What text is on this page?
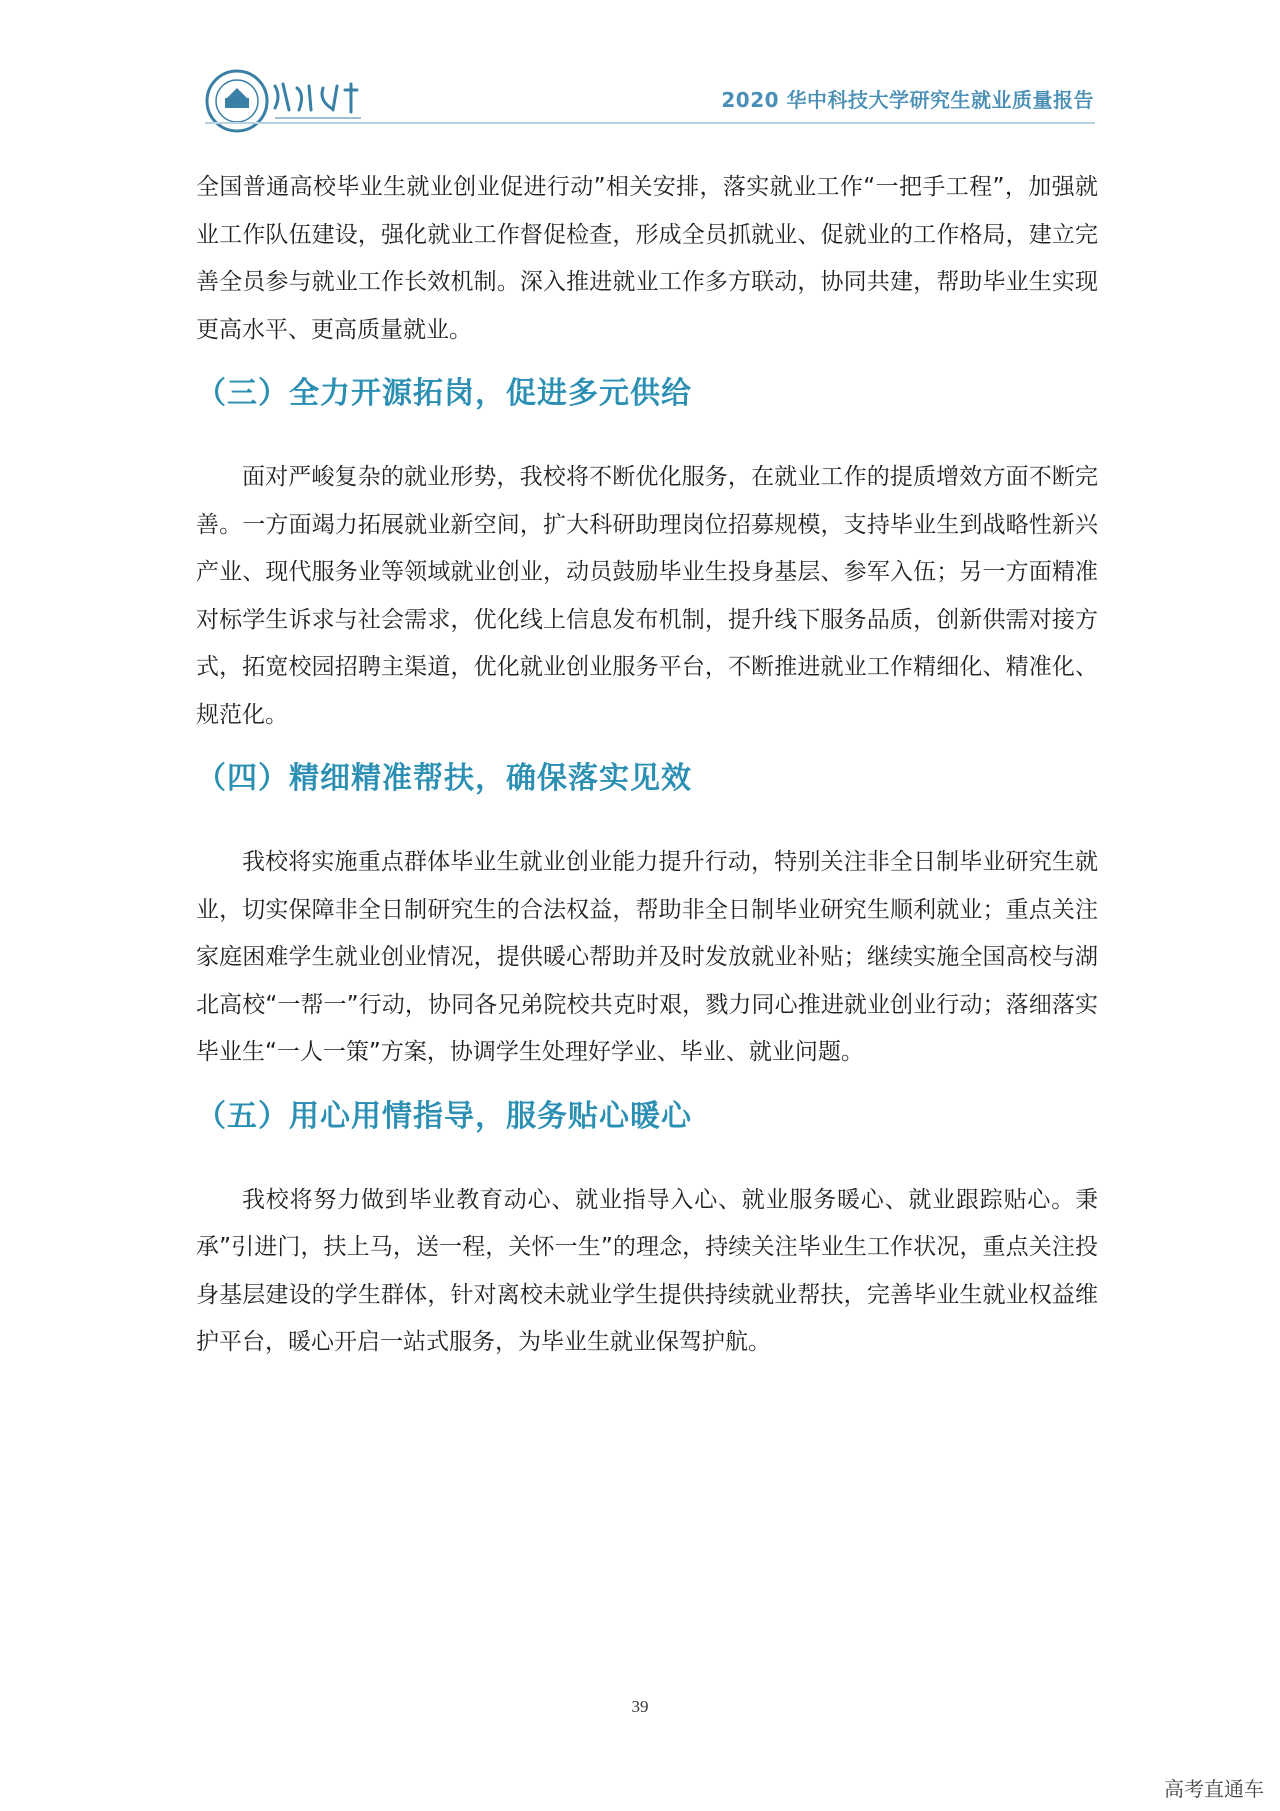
2020 华中科技大学研究生就业质量报告

全国普通高校毕业生就业创业促进行动”相关安排，落实就业工作“一把手工程”，加强就业工作队伍建设，强化就业工作督促检查，形成全员抓就业、促就业的工作格局，建立完善全员参与就业工作长效机制。深入推进就业工作多方联动，协同共建，帮助毕业生实现更高水平、更高质量就业。

（三）全力开源拓岗，促进多元供给

面对严峻复杂的就业形势，我校将不断优化服务，在就业工作的提质增效方面不断完善。一方面竭力拓展就业新空间，扩大科研助理岗位招募规模，支持毕业生到战略性新兴产业、现代服务业等领域就业创业，动员鼓励毕业生投身基层、参军入伍；另一方面精准对标学生诉求与社会需求，优化线上信息发布机制，提升线下服务品质，创新供需对接方式，拓宽校园招聘主渠道，优化就业创业服务平台，不断推进就业工作精细化、精准化、规范化。

（四）精细精准帮扶，确保落实见效

我校将实施重点群体毕业生就业创业能力提升行动，特别关注非全日制毕业研究生就业，切实保障非全日制研究生的合法权益，帮助非全日制毕业研究生顺利就业；重点关注家庭困难学生就业创业情况，提供暖心帮助并及时发放就业补贴；继续实施全国高校与湖北高校“一帮一”行动，协同各兄弟院校共克时艰，戮力同心推进就业创业行动；落细落实毕业生“一人一策”方案，协调学生处理好学业、毕业、就业问题。

（五）用心用情指导，服务贴心暖心

我校将努力做到毕业教育动心、就业指导入心、就业服务暖心、就业跟踪贴心。秉承”引进门，扶上马，送一程，关怀一生”的理念，持续关注毕业生工作状况，重点关注投身基层建设的学生群体，针对离校未就业学生提供持续就业帮扶，完善毕业生就业权益维护平台，暖心开启一站式服务，为毕业生就业保驾护航。

39
高考直通车
